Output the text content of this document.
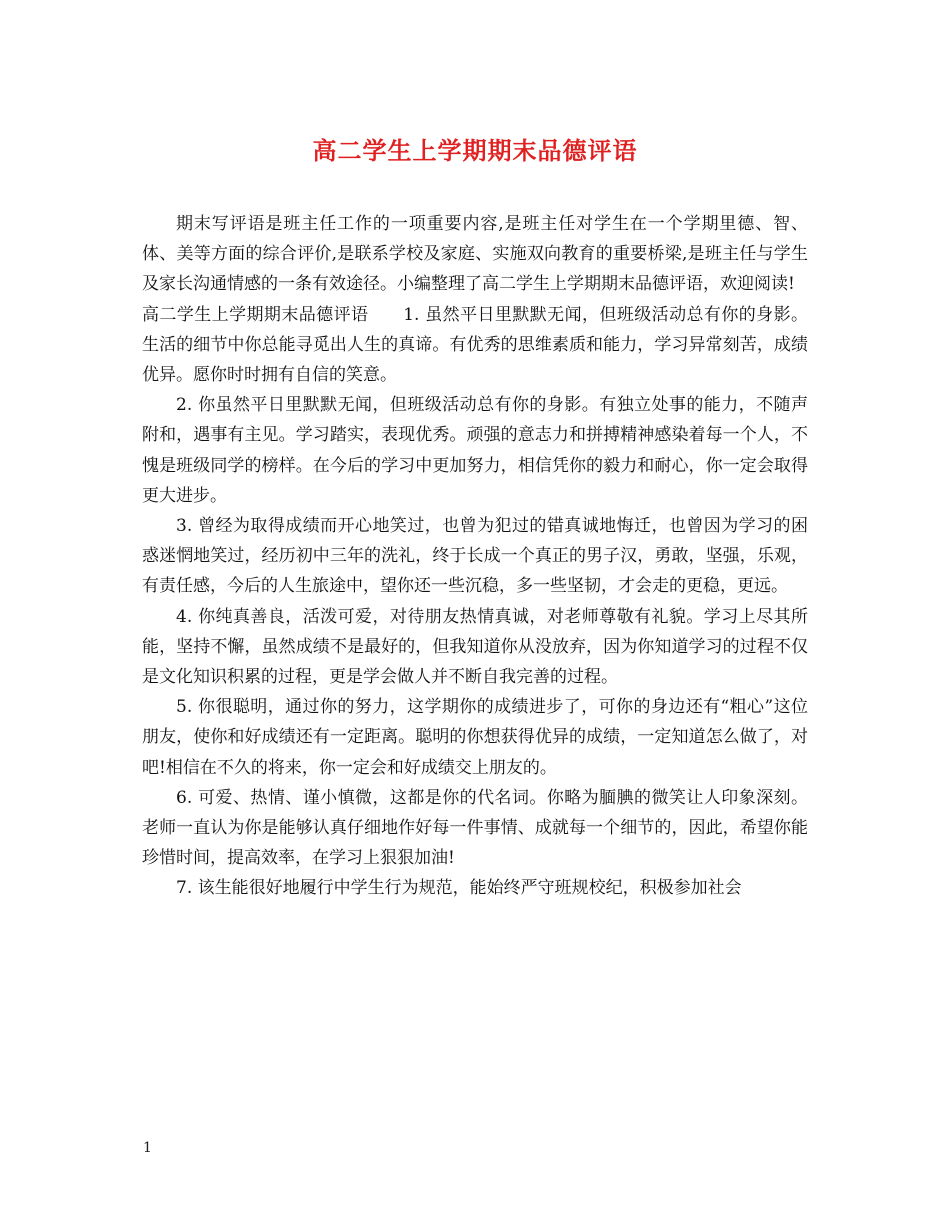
高二学生上学期期末品德评语

期末写评语是班主任工作的一项重要内容,是班主任对学生在一个学期里德、智、体、美等方面的综合评价,是联系学校及家庭、实施双向教育的重要桥梁,是班主任与学生及家长沟通情感的一条有效途径。小编整理了高二学生上学期期末品德评语，欢迎阅读!

高二学生上学期期末品德评语　　1. 虽然平日里默默无闻，但班级活动总有你的身影。生活的细节中你总能寻觅出人生的真谛。有优秀的思维素质和能力，学习异常刻苦，成绩优异。愿你时时拥有自信的笑意。

2. 你虽然平日里默默无闻，但班级活动总有你的身影。有独立处事的能力，不随声附和，遇事有主见。学习踏实，表现优秀。顽强的意志力和拼搏精神感染着每一个人，不愧是班级同学的榜样。在今后的学习中更加努力，相信凭你的毅力和耐心，你一定会取得更大进步。

3. 曾经为取得成绩而开心地笑过，也曾为犯过的错真诚地悔迁，也曾因为学习的困惑迷惘地笑过，经历初中三年的洗礼，终于长成一个真正的男子汉，勇敢，坚强，乐观，有责任感，今后的人生旅途中，望你还一些沉稳，多一些坚韧，才会走的更稳，更远。

4. 你纯真善良，活泼可爱，对待朋友热情真诚，对老师尊敬有礼貌。学习上尽其所能，坚持不懈，虽然成绩不是最好的，但我知道你从没放弃，因为你知道学习的过程不仅是文化知识积累的过程，更是学会做人并不断自我完善的过程。

5. 你很聪明，通过你的努力，这学期你的成绩进步了，可你的身边还有“粗心”这位朋友，使你和好成绩还有一定距离。聪明的你想获得优异的成绩，一定知道怎么做了，对吧!相信在不久的将来，你一定会和好成绩交上朋友的。

6. 可爱、热情、谨小慎微，这都是你的代名词。你略为腼腆的微笑让人印象深刻。老师一直认为你是能够认真仔细地作好每一件事情、成就每一个细节的，因此，希望你能珍惜时间，提高效率，在学习上狠狠加油!

7. 该生能很好地履行中学生行为规范，能始终严守班规校纪，积极参加社会

1
